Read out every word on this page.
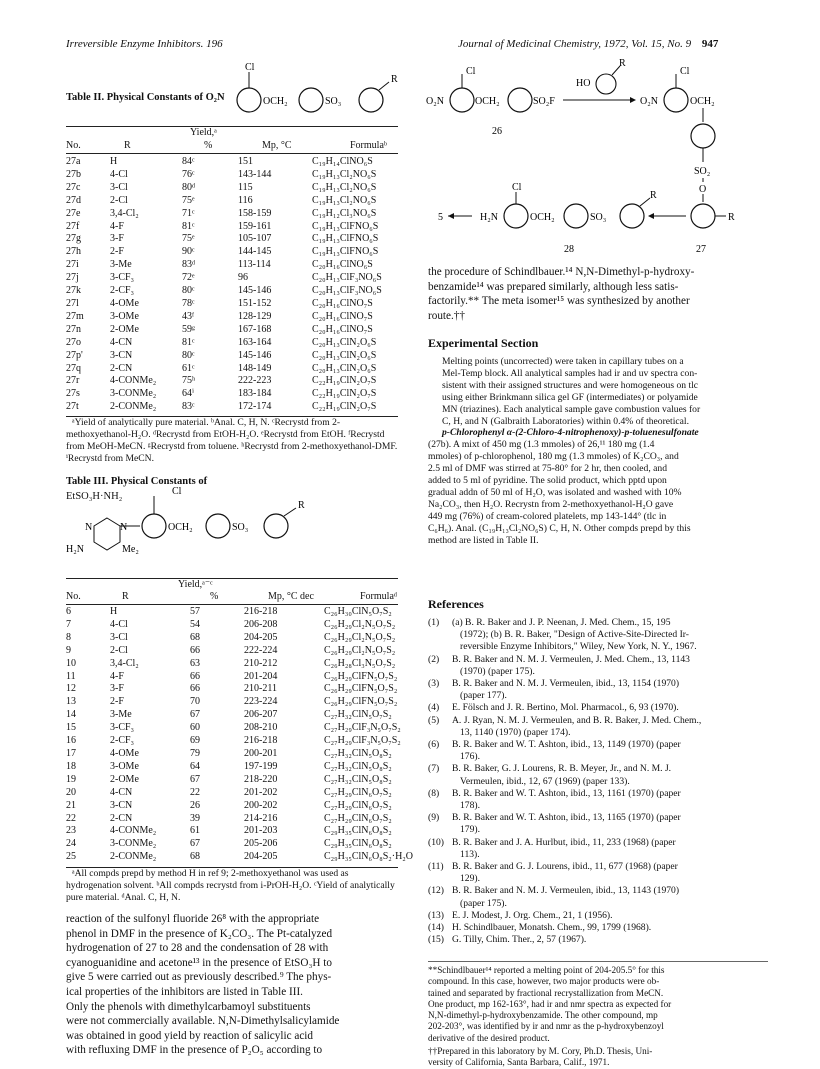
Irreversible Enzyme Inhibitors. 196	Journal of Medicinal Chemistry, 1972, Vol. 15, No. 9 947
Table II. Physical Constants of O₂N
Cl
OCH₂	SO₃
R
Yield,ᵃ
No.	R	%	Mp, °C	Formulaᵇ
27a	H	84ᶜ	151	C₁₉H₁₄ClNO₆S
27b	4-Cl	76ᶜ	143-144	C₁₉H₁₃Cl₂NO₆S
27c	3-Cl	80ᵈ	115	C₁₉H₁₃Cl₂NO₆S
27d	2-Cl	75ᵉ	116	C₁₉H₁₃Cl₂NO₆S
27e	3,4-Cl₂	71ᶜ	158-159	C₁₉H₁₂Cl₃NO₆S
27f	4-F	81ᶜ	159-161	C₁₉H₁₃ClFNO₆S
27g	3-F	75ᵉ	105-107	C₁₉H₁₃ClFNO₆S
27h	2-F	90ᶜ	144-145	C₁₉H₁₃ClFNO₆S
27i	3-Me	83ᵈ	113-114	C₂₀H₁₆ClNO₆S
27j	3-CF₃	72ᵉ	96	C₂₀H₁₃ClF₃NO₆S
27k	2-CF₃	80ᶜ	145-146	C₂₀H₁₃ClF₃NO₆S
27l	4-OMe	78ᶜ	151-152	C₂₀H₁₆ClNO₇S
27m	3-OMe	43ᶠ	128-129	C₂₀H₁₆ClNO₇S
27n	2-OMe	59ᵍ	167-168	C₂₀H₁₆ClNO₇S
27o	4-CN	81ᶜ	163-164	C₂₀H₁₃ClN₂O₆S
27p'	3-CN	80ᶜ	145-146	C₂₀H₁₃ClN₂O₆S
27q	2-CN	61ᶜ	148-149	C₂₀H₁₃ClN₂O₆S
27r	4-CONMe₂	75ʰ	222-223	C₂₂H₁₉ClN₂O₇S
27s	3-CONMe₂	64ⁱ	183-184	C₂₂H₁₉ClN₂O₇S
27t	2-CONMe₂	83ᶜ	172-174	C₂₂H₁₉ClN₂O₇S
ᵃYield of analytically pure material. ᵇAnal. C, H, N. ᶜRecrystd from 2-methoxyethanol-H₂O. ᵈRecrystd from EtOH-H₂O. ᵉRecrystd from EtOH. ᶠRecrystd from MeOH-MeCN. ᵍRecrystd from toluene. ʰRecrystd from 2-methoxyethanol-DMF. ⁱRecrystd from MeCN.
Table III. Physical Constants of
EtSO₃H·NH₂
N	N
H₂N	Me₂
Cl
OCH₂	SO₃
R
Yield,ᵃ⁻ᶜ
No.	R	%	Mp, °C dec	Formulaᵈ
6	H	57	216-218	C₂₆H₃₀ClN₅O₇S₂
7	4-Cl	54	206-208	C₂₆H₂₉Cl₂N₅O₇S₂
8	3-Cl	68	204-205	C₂₆H₂₉Cl₂N₅O₇S₂
9	2-Cl	66	222-224	C₂₆H₂₉Cl₂N₅O₇S₂
10	3,4-Cl₂	63	210-212	C₂₆H₂₈Cl₃N₅O₇S₂
11	4-F	66	201-204	C₂₆H₂₉ClFN₅O₇S₂
12	3-F	66	210-211	C₂₆H₂₉ClFN₅O₇S₂
13	2-F	70	223-224	C₂₆H₂₉ClFN₅O₇S₂
14	3-Me	67	206-207	C₂₇H₃₂ClN₅O₇S₂
15	3-CF₃	60	208-210	C₂₇H₂₉ClF₃N₅O₇S₂
16	2-CF₃	69	216-218	C₂₇H₂₉ClF₃N₅O₇S₂
17	4-OMe	79	200-201	C₂₇H₃₂ClN₅O₈S₂
18	3-OMe	64	197-199	C₂₇H₃₂ClN₅O₈S₂
19	2-OMe	67	218-220	C₂₇H₃₂ClN₅O₈S₂
20	4-CN	22	201-202	C₂₇H₂₉ClN₆O₇S₂
21	3-CN	26	200-202	C₂₇H₂₉ClN₆O₇S₂
22	2-CN	39	214-216	C₂₇H₂₉ClN₆O₇S₂
23	4-CONMe₂	61	201-203	C₂₉H₃₅ClN₆O₈S₂
24	3-CONMe₂	67	205-206	C₂₉H₃₅ClN₆O₈S₂
25	2-CONMe₂	68	204-205	C₂₉H₃₅ClN₆O₈S₂·H₂O
ᵃAll compds prepd by method H in ref 9; 2-methoxyethanol was used as hydrogenation solvent. ᵇAll compds recrystd from i-PrOH-H₂O. ᶜYield of analytically pure material. ᵈAnal. C, H, N.
reaction of the sulfonyl fluoride 26⁸ with the appropriate
phenol in DMF in the presence of K₂CO₃. The Pt-catalyzed
hydrogenation of 27 to 28 and the condensation of 28 with
cyanoguanidine and acetone¹³ in the presence of EtSO₃H to
give 5 were carried out as previously described.⁹ The phys-
ical properties of the inhibitors are listed in Table III.
Only the phenols with dimethylcarbamoyl substituents
were not commercially available. N,N-Dimethylsalicylamide
was obtained in good yield by reaction of salicylic acid
with refluxing DMF in the presence of P₂O₅ according to
O₂N
Cl
OCH₂	SO₂F
26
HO
R
O₂N
Cl
OCH₂
SO₂
O
R
27
5	H₂N
Cl
OCH₂	SO₃
R
28
the procedure of Schindlbauer.¹⁴ N,N-Dimethyl-p-hydroxy-
benzamide¹⁴ was prepared similarly, although less satis-
factorily.** The meta isomer¹⁵ was synthesized by another
route.††
Experimental Section
Melting points (uncorrected) were taken in capillary tubes on a
Mel-Temp block. All analytical samples had ir and uv spectra con-
sistent with their assigned structures and were homogeneous on tlc
using either Brinkmann silica gel GF (intermediates) or polyamide
MN (triazines). Each analytical sample gave combustion values for
C, H, and N (Galbraith Laboratories) within 0.4% of theoretical.
p-Chlorophenyl α-(2-Chloro-4-nitrophenoxy)-p-toluenesulfonate
(27b). A mixt of 450 mg (1.3 mmoles) of 26,¹¹ 180 mg (1.4
mmoles) of p-chlorophenol, 180 mg (1.3 mmoles) of K₂CO₃, and
2.5 ml of DMF was stirred at 75-80° for 2 hr, then cooled, and
added to 5 ml of pyridine. The solid product, which pptd upon
gradual addn of 50 ml of H₂O, was isolated and washed with 10%
Na₂CO₃, then H₂O. Recrystn from 2-methoxyethanol-H₂O gave
449 mg (76%) of cream-colored platelets, mp 143-144° (tlc in
C₆H₆). Anal. (C₁₉H₁₃Cl₂NO₆S) C, H, N. Other compds prepd by this
method are listed in Table II.
References
(1)	(a) B. R. Baker and J. P. Neenan, J. Med. Chem., 15, 195
(1972); (b) B. R. Baker, "Design of Active-Site-Directed Ir-
reversible Enzyme Inhibitors," Wiley, New York, N. Y., 1967.
(2)	B. R. Baker and N. M. J. Vermeulen, J. Med. Chem., 13, 1143
(1970) (paper 175).
(3)	B. R. Baker and N. M. J. Vermeulen, ibid., 13, 1154 (1970)
(paper 177).
(4)	E. Fölsch and J. R. Bertino, Mol. Pharmacol., 6, 93 (1970).
(5)	A. J. Ryan, N. M. J. Vermeulen, and B. R. Baker, J. Med. Chem.,
13, 1140 (1970) (paper 174).
(6)	B. R. Baker and W. T. Ashton, ibid., 13, 1149 (1970) (paper
176).
(7)	B. R. Baker, G. J. Lourens, R. B. Meyer, Jr., and N. M. J.
Vermeulen, ibid., 12, 67 (1969) (paper 133).
(8)	B. R. Baker and W. T. Ashton, ibid., 13, 1161 (1970) (paper
178).
(9)	B. R. Baker and W. T. Ashton, ibid., 13, 1165 (1970) (paper
179).
(10) B. R. Baker and J. A. Hurlbut, ibid., 11, 233 (1968) (paper
113).
(11) B. R. Baker and G. J. Lourens, ibid., 11, 677 (1968) (paper
129).
(12) B. R. Baker and N. M. J. Vermeulen, ibid., 13, 1143 (1970)
(paper 175).
(13) E. J. Modest, J. Org. Chem., 21, 1 (1956).
(14) H. Schindlbauer, Monatsh. Chem., 99, 1799 (1968).
(15) G. Tilly, Chim. Ther., 2, 57 (1967).
**Schindlbauer¹⁴ reported a melting point of 204-205.5° for this
compound. In this case, however, two major products were ob-
tained and separated by fractional recrystallization from MeCN.
One product, mp 162-163°, had ir and nmr spectra as expected for
N,N-dimethyl-p-hydroxybenzamide. The other compound, mp
202-203°, was identified by ir and nmr as the p-hydroxybenzoyl
derivative of the desired product.
††Prepared in this laboratory by M. Cory, Ph.D. Thesis, Uni-
versity of California, Santa Barbara, Calif., 1971.
